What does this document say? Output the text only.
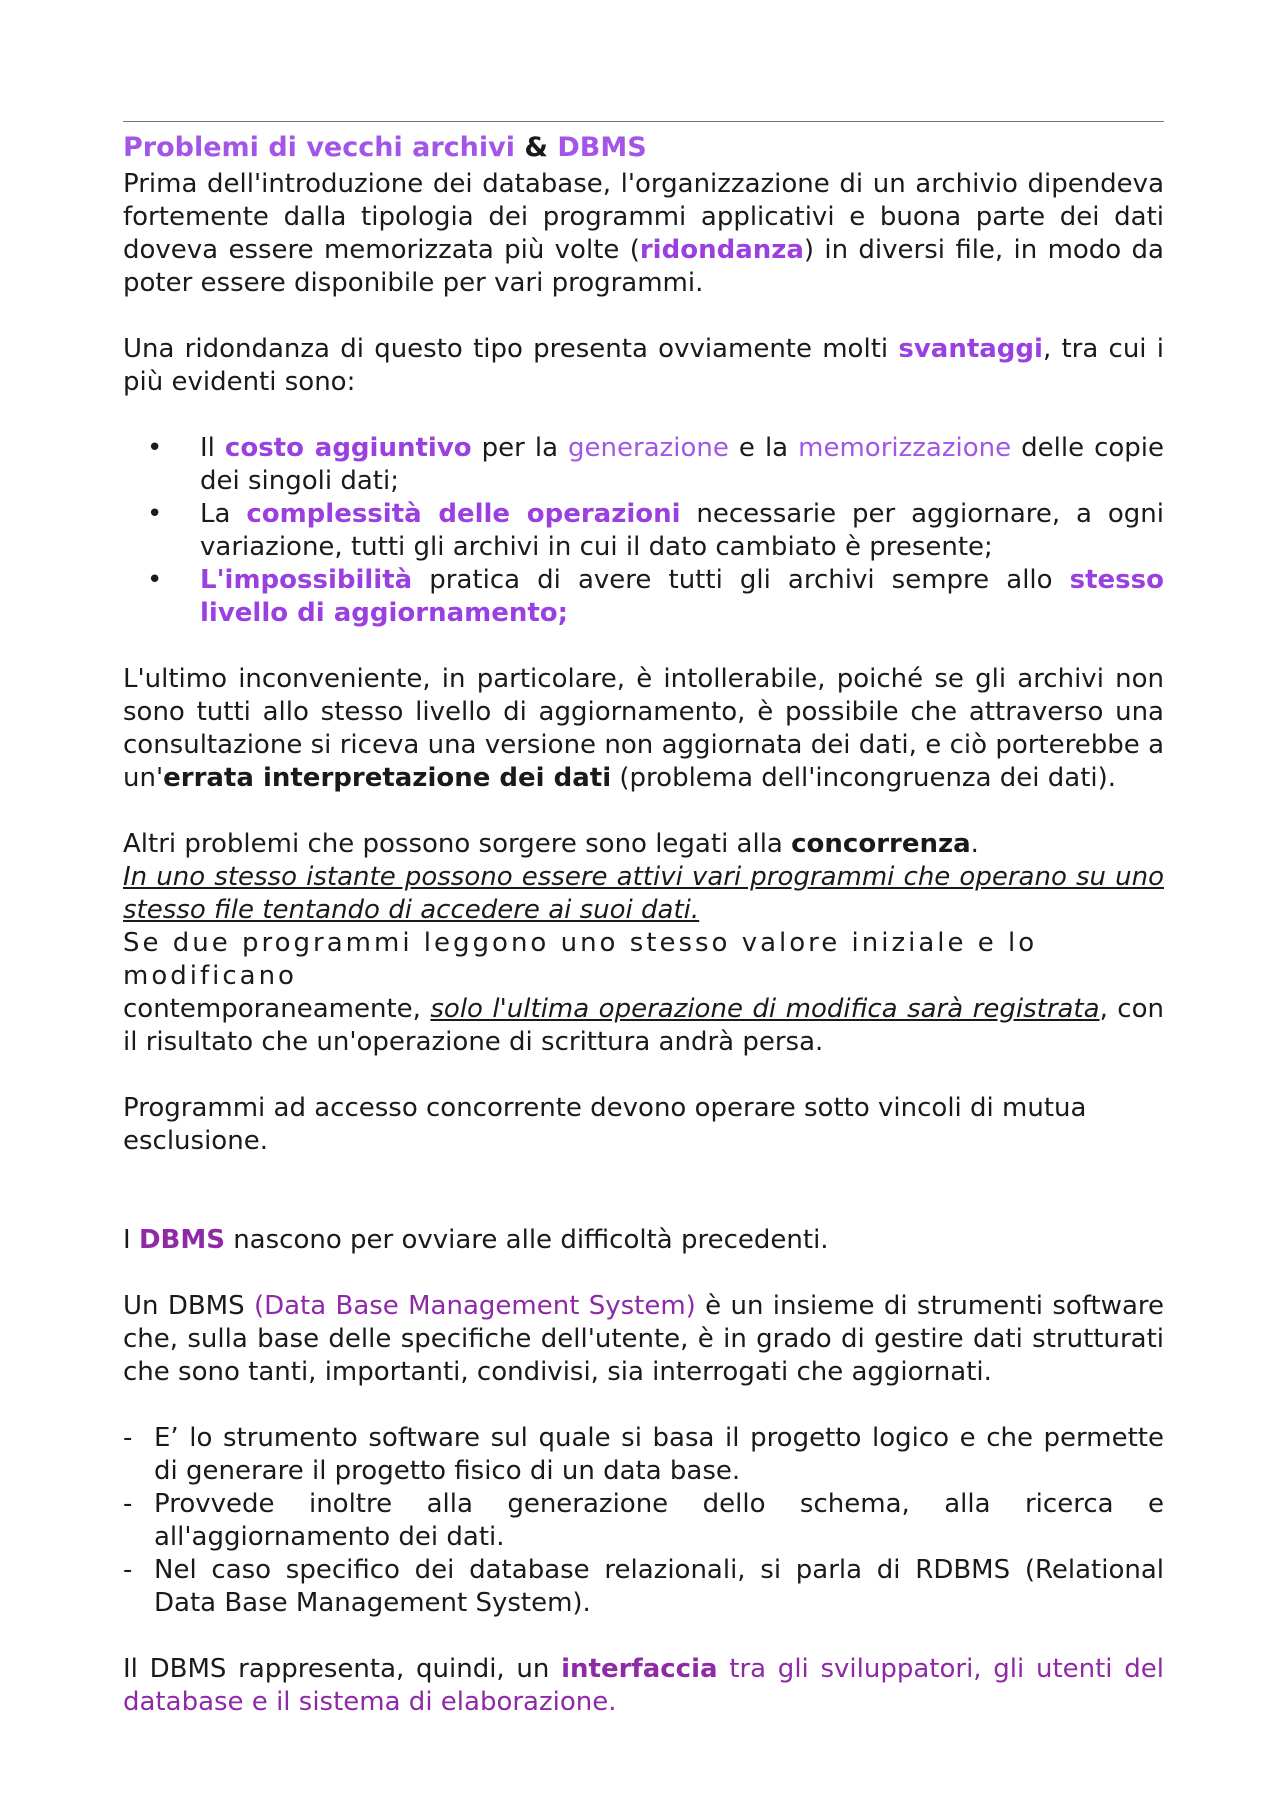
Problemi di vecchi archivi & DBMS

Prima dell'introduzione dei database, l'organizzazione di un archivio dipendeva fortemente dalla tipologia dei programmi applicativi e buona parte dei dati doveva essere memorizzata più volte (ridondanza) in diversi file, in modo da poter essere disponibile per vari programmi.

Una ridondanza di questo tipo presenta ovviamente molti svantaggi, tra cui i più evidenti sono:

• Il costo aggiuntivo per la generazione e la memorizzazione delle copie dei singoli dati;
• La complessità delle operazioni necessarie per aggiornare, a ogni variazione, tutti gli archivi in cui il dato cambiato è presente;
• L'impossibilità pratica di avere tutti gli archivi sempre allo stesso livello di aggiornamento;

L'ultimo inconveniente, in particolare, è intollerabile, poiché se gli archivi non sono tutti allo stesso livello di aggiornamento, è possibile che attraverso una consultazione si riceva una versione non aggiornata dei dati, e ciò porterebbe a un'errata interpretazione dei dati (problema dell'incongruenza dei dati).

Altri problemi che possono sorgere sono legati alla concorrenza.

In uno stesso istante possono essere attivi vari programmi che operano su uno stesso file tentando di accedere ai suoi dati.

Se due programmi leggono uno stesso valore iniziale e lo modificano

contemporaneamente, solo l'ultima operazione di modifica sarà registrata, con il risultato che un'operazione di scrittura andrà persa.

Programmi ad accesso concorrente devono operare sotto vincoli di mutua esclusione.

I DBMS nascono per ovviare alle difficoltà precedenti.

Un DBMS (Data Base Management System) è un insieme di strumenti software che, sulla base delle specifiche dell'utente, è in grado di gestire dati strutturati che sono tanti, importanti, condivisi, sia interrogati che aggiornati.

- E’ lo strumento software sul quale si basa il progetto logico e che permette di generare il progetto fisico di un data base.
- Provvede inoltre alla generazione dello schema, alla ricerca e all'aggiornamento dei dati.
- Nel caso specifico dei database relazionali, si parla di RDBMS (Relational Data Base Management System).

Il DBMS rappresenta, quindi, un interfaccia tra gli sviluppatori, gli utenti del database e il sistema di elaborazione.
